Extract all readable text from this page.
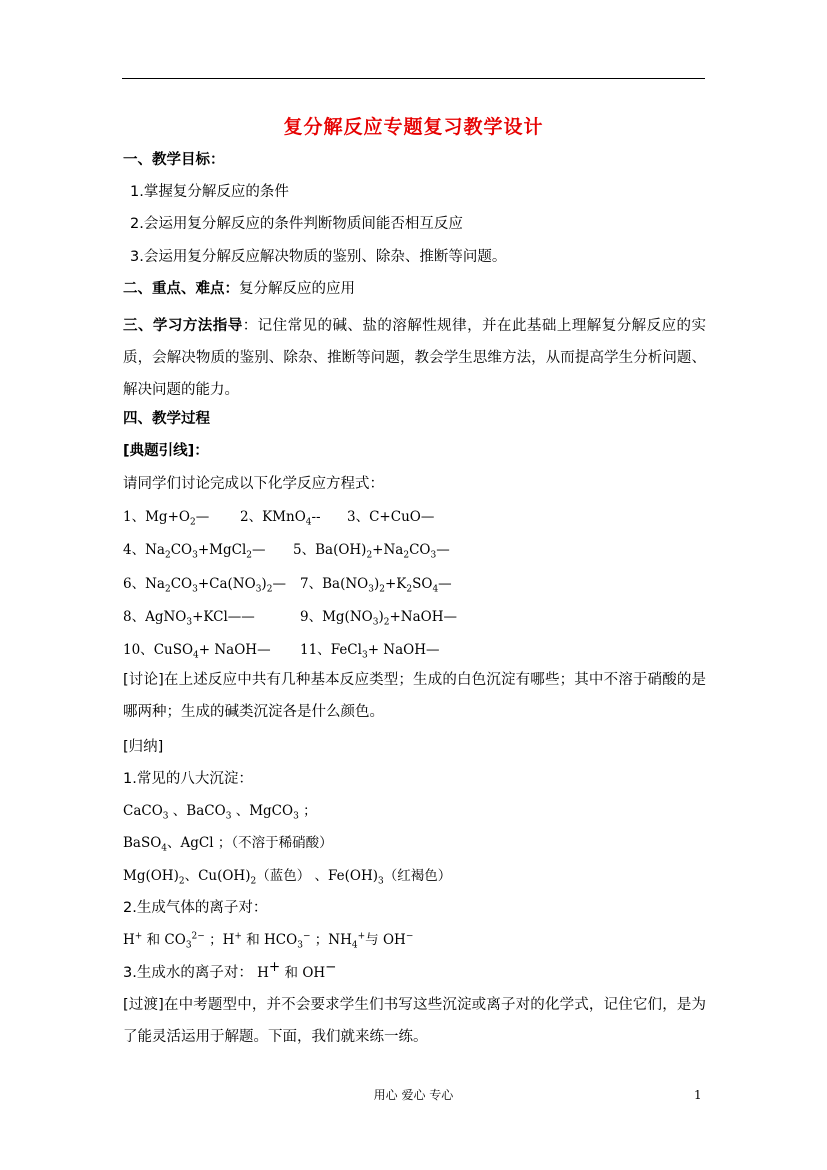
复分解反应专题复习教学设计
一、教学目标：
1.掌握复分解反应的条件
2.会运用复分解反应的条件判断物质间能否相互反应
3.会运用复分解反应解决物质的鉴别、除杂、推断等问题。
二、重点、难点：复分解反应的应用
三、学习方法指导：记住常见的碱、盐的溶解性规律，并在此基础上理解复分解反应的实质，会解决物质的鉴别、除杂、推断等问题，教会学生思维方法，从而提高学生分析问题、解决问题的能力。
四、教学过程
[典题引线]：
请同学们讨论完成以下化学反应方程式：
1、$Mg+O_2—$ 2、KMnO$_4$-- 3、C+CuO—
4、$Na_2CO_3+MgCl_2—$ 5、$Ba(OH)_2+Na_2CO_3—$
6、$Na_2CO_3+Ca(NO_3)_2—$ 7、$Ba(NO_3)_2+K_2SO_4—$
8、AgNO$_3$+KCl——	9、$Mg(NO_3)_2+NaOH—$
10、CuSO$_4$+ NaOH— 11、FeCl$_3$+ NaOH—
[讨论]在上述反应中共有几种基本反应类型；生成的白色沉淀有哪些；其中不溶于硝酸的是哪两种；生成的碱类沉淀各是什么颜色。
[归纳]
1.常见的八大沉淀：
CaCO$_3$ 、BaCO$_3$ 、MgCO$_3$ ；
BaSO$_4$、AgCl ；（不溶于稀硝酸）
$Mg(OH)_2$、$Cu(OH)_2$（蓝色） 、$Fe(OH)_3$（红褐色）
2.生成气体的离子对：
H+ 和 $CO_3^{2-}$ ；H+ 和 $HCO_3^-$ ；$NH_4^+$与 OH−
3.生成水的离子对： H+ 和 OH−
[过渡]在中考题型中，并不会要求学生们书写这些沉淀或离子对的化学式，记住它们，是为了能灵活运用于解题。下面，我们就来练一练。
用心 爱心 专心	1
